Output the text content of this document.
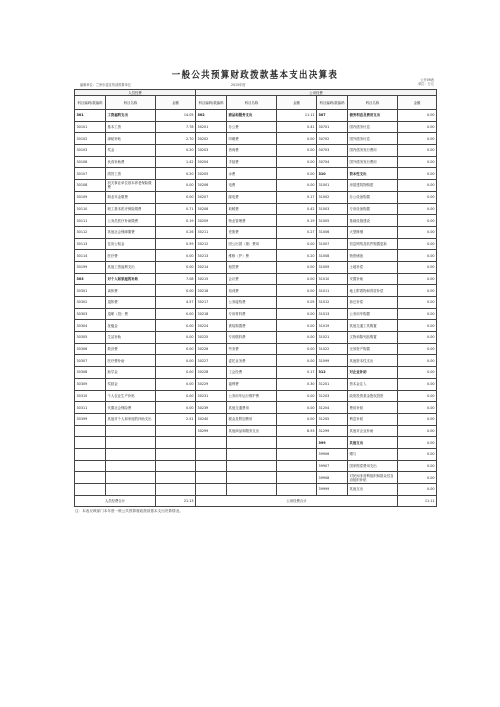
一般公共预算财政拨款基本支出决算表
编制单位：兰州市委宣传部预算单位	2015年度
公开09表
单位：万元
人员经费			公用经费					
科目编码/款编码	科目名称	金额	科目编码/款编码	科目名称	金额	科目编码/款编码	科目名称	金额
301	工资福利支出	14.05	302	商品和服务支出	11.11	307	债务利息及费用支出	0.00
30101	基本工资	7.78	30201	办公费	0.41	30701	国内债务付息	0.00
30102	津贴补贴	2.70	30202	印刷费	0.00	30702	国外债务付息	0.00
30103	奖金	0.20	30203	咨询费	0.00	30703	国内债务发行费用	0.00
30106	伙食补助费	1.42	30204	手续费	0.00	30704	国外债务发行费用	0.00
30107	绩效工资	0.20	30205	水费	0.00	310	资本性支出	0.00
30108	机关事业单位基本养老保险缴费	0.00	30206	电费	0.00	31001	房屋建筑物购建	0.00
30109	职业年金缴费	0.00	30207	邮电费	0.17	31002	办公设备购置	0.00
30110	职工基本医疗保险缴费	0.71	30208	取暖费	0.42	31003	专用设备购置	0.00
30111	公务员医疗补助缴费	0.19	30209	物业管理费	0.19	31005	基础设施建设	0.00
30112	其他社会保障缴费	0.26	30211	差旅费	0.27	31006	大型修缮	0.00
30113	住房公积金	0.59	30212	因公出国（境）费用	0.00	31007	信息网络及软件购置更新	0.00
30114	医疗费	0.00	30213	维修（护）费	0.20	31008	物资储备	0.00
30199	其他工资福利支出	0.00	30214	租赁费	0.00	31009	土地补偿	0.00
303	对个人和家庭的补助	7.08	30215	会议费	0.00	31010	安置补助	0.00
30301	离休费	0.00	30216	培训费	0.00	31011	地上附着物和青苗补偿	0.00
30302	退休费	4.57	30217	公务接待费	0.05	31012	拆迁补偿	0.00
30303	退职（役）费	0.00	30218	专用材料费	0.00	31013	公务用车购置	0.00
30304	抚恤金	0.00	30224	被装购置费	0.00	31019	其他交通工具购置	0.00
30305	生活补助	0.00	30225	专用燃料费	0.00	31021	文物和陈列品购置	0.00
30306	救济费	0.00	30226	劳务费	0.00	31022	无形资产购置	0.00
30307	医疗费补助	0.00	30227	委托业务费	0.00	31099	其他资本性支出	0.00
30308	助学金	0.00	30228	工会经费	0.17	312	对企业补助	0.00
30309	奖励金	0.00	30229	福利费	0.30	31201	资本金注入	0.00
30310	个人农业生产补贴	0.00	30231	公务用车运行维护费	0.00	31203	政府投资基金股权投资	0.00
30311	代缴社会保险费	0.00	30239	其他交通费用	0.00	31204	费用补贴	0.00
30399	其他对个人和家庭的补助支出	2.51	30240	税金及附加费用	0.00	31205	利息补贴	0.00
			30299	其他商品和服务支出	8.93	31299	其他对企业补助	0.00
						399	其他支出	0.00
						39906	赠与	0.00
						39907	国家赔偿费用支出	0.00
						39908	对民间非营利组织和群众性自治组织补贴	0.00
						39999	其他支出	0.00
人员经费合计		21.13	公用经费合计					11.11
注：本表反映部门本年度一般公共预算财政拨款基本支出决算情况。
